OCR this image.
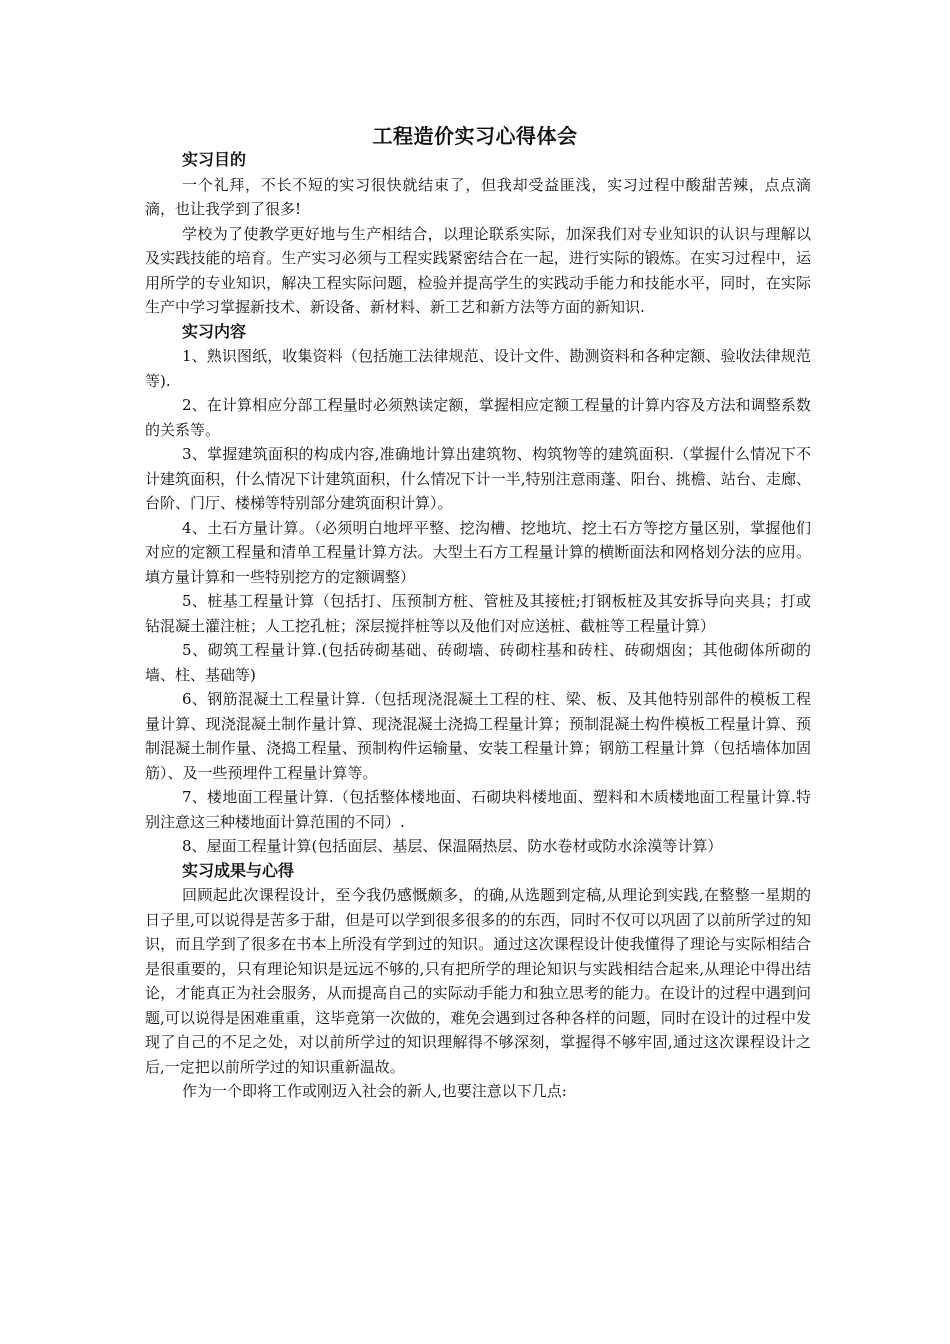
工程造价实习心得体会
实习目的

一个礼拜，不长不短的实习很快就结束了，但我却受益匪浅，实习过程中酸甜苦辣，点点滴滴，也让我学到了很多!

学校为了使教学更好地与生产相结合，以理论联系实际，加深我们对专业知识的认识与理解以及实践技能的培育。生产实习必须与工程实践紧密结合在一起，进行实际的锻炼。在实习过程中，运用所学的专业知识，解决工程实际问题，检验并提高学生的实践动手能力和技能水平，同时，在实际生产中学习掌握新技术、新设备、新材料、新工艺和新方法等方面的新知识.

实习内容

1、熟识图纸，收集资料（包括施工法律规范、设计文件、勘测资料和各种定额、验收法律规范等).

2、在计算相应分部工程量时必须熟读定额，掌握相应定额工程量的计算内容及方法和调整系数的关系等。

3、掌握建筑面积的构成内容,准确地计算出建筑物、构筑物等的建筑面积.（掌握什么情况下不计建筑面积，什么情况下计建筑面积，什么情况下计一半,特别注意雨蓬、阳台、挑檐、站台、走廊、台阶、门厅、楼梯等特别部分建筑面积计算）。

4、土石方量计算。（必须明白地坪平整、挖沟槽、挖地坑、挖土石方等挖方量区别，掌握他们对应的定额工程量和清单工程量计算方法。大型土石方工程量计算的横断面法和网格划分法的应用。填方量计算和一些特别挖方的定额调整）

5、桩基工程量计算（包括打、压预制方桩、管桩及其接桩;打钢板桩及其安拆导向夹具；打或钻混凝土灌注桩；人工挖孔桩；深层搅拌桩等以及他们对应送桩、截桩等工程量计算）

5、砌筑工程量计算.(包括砖砌基础、砖砌墙、砖砌柱基和砖柱、砖砌烟囱；其他砌体所砌的墙、柱、基础等)

6、钢筋混凝土工程量计算.（包括现浇混凝土工程的柱、梁、板、及其他特别部件的模板工程量计算、现浇混凝土制作量计算、现浇混凝土浇捣工程量计算；预制混凝土构件模板工程量计算、预制混凝土制作量、浇捣工程量、预制构件运输量、安装工程量计算；钢筋工程量计算（包括墙体加固筋）、及一些预埋件工程量计算等。

7、楼地面工程量计算.（包括整体楼地面、石砌块料楼地面、塑料和木质楼地面工程量计算.特别注意这三种楼地面计算范围的不同）.

8、屋面工程量计算(包括面层、基层、保温隔热层、防水卷材或防水涂漠等计算）

实习成果与心得

回顾起此次课程设计，至今我仍感慨颇多，的确,从选题到定稿,从理论到实践,在整整一星期的日子里,可以说得是苦多于甜，但是可以学到很多很多的的东西，同时不仅可以巩固了以前所学过的知识，而且学到了很多在书本上所没有学到过的知识。通过这次课程设计使我懂得了理论与实际相结合是很重要的，只有理论知识是远远不够的,只有把所学的理论知识与实践相结合起来,从理论中得出结论，才能真正为社会服务，从而提高自己的实际动手能力和独立思考的能力。在设计的过程中遇到问题,可以说得是困难重重，这毕竟第一次做的，难免会遇到过各种各样的问题，同时在设计的过程中发现了自己的不足之处，对以前所学过的知识理解得不够深刻，掌握得不够牢固,通过这次课程设计之后,一定把以前所学过的知识重新温故。

作为一个即将工作或刚迈入社会的新人,也要注意以下几点:
